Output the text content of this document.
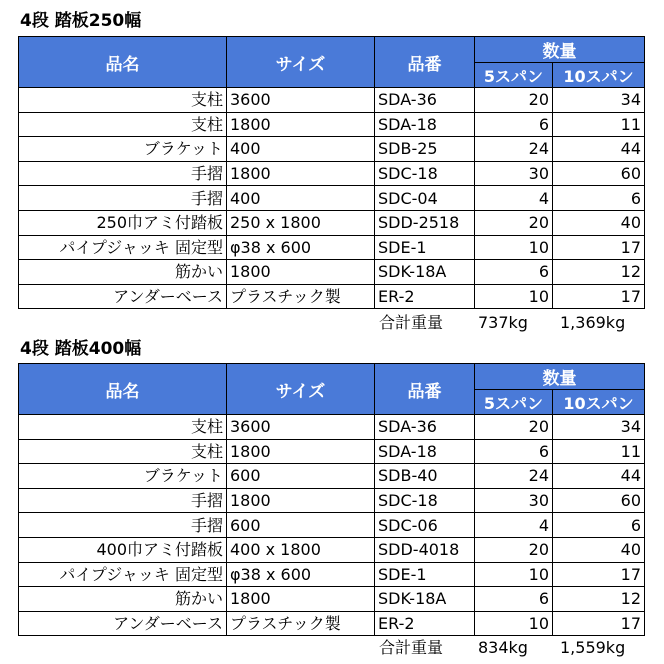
4段 踏板250幅
品名	サイズ	品番	数量	
			5スパン	10スパン
支柱	3600	SDA-36	20	34
支柱	1800	SDA-18	6	11
ブラケット	400	SDB-25	24	44
手摺	1800	SDC-18	30	60
手摺	400	SDC-04	4	6
250巾アミ付踏板	250 x 1800	SDD-2518	20	40
パイプジャッキ 固定型	φ38 x 600	SDE-1	10	17
筋かい	1800	SDK-18A	6	12
アンダーベース	プラスチック製	ER-2	10	17
合計重量 737kg 1,369kg
4段 踏板400幅
品名	サイズ	品番	数量	
			5スパン	10スパン
支柱	3600	SDA-36	20	34
支柱	1800	SDA-18	6	11
ブラケット	600	SDB-40	24	44
手摺	1800	SDC-18	30	60
手摺	600	SDC-06	4	6
400巾アミ付踏板	400 x 1800	SDD-4018	20	40
パイプジャッキ 固定型	φ38 x 600	SDE-1	10	17
筋かい	1800	SDK-18A	6	12
アンダーベース	プラスチック製	ER-2	10	17
合計重量 834kg 1,559kg
